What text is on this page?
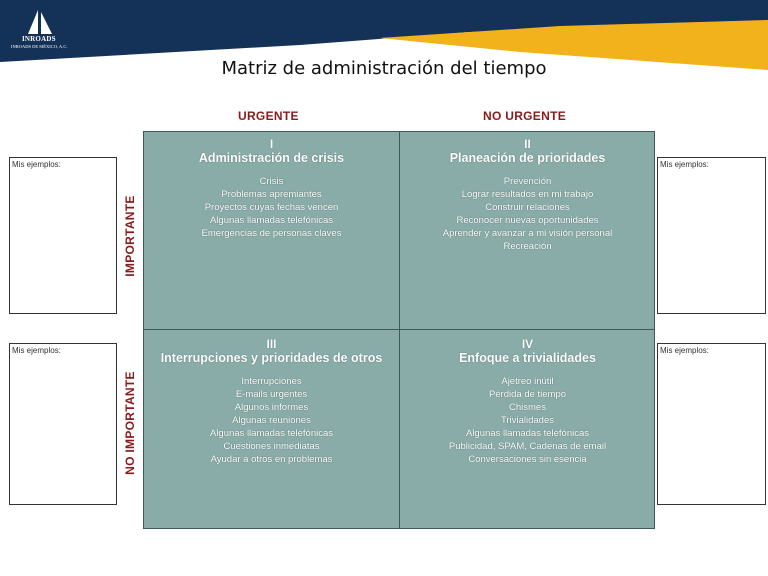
INROADS
INROADS DE MÉXICO, A.C.
Matriz de administración del tiempo
URGENTE	NO URGENTE
IMPORTANTE
NO IMPORTANTE
I
Administración de crisis
Crisis
Problemas apremiantes
Proyectos cuyas fechas vencen
Algunas llamadas telefónicas
Emergencias de personas claves
II
Planeación de prioridades
Prevención
Lograr resultados en mi trabajo
Construir relaciones
Reconocer nuevas oportunidades
Aprender y avanzar a mi visión personal
Recreación
III
Interrupciones y prioridades de otros
Interrupciones
E-mails urgentes
Algunos informes
Algunas reuniones
Algunas llamadas telefónicas
Cuestiones inmediatas
Ayudar a otros en problemas
IV
Enfoque a trivialidades
Ajetreo inútil
Pérdida de tiempo
Chismes
Trivialidades
Algunas llamadas telefónicas
Publicidad, SPAM, Cadenas de email
Conversaciones sin esencia
Mis ejemplos:
Mis ejemplos:
Mis ejemplos:
Mis ejemplos:
